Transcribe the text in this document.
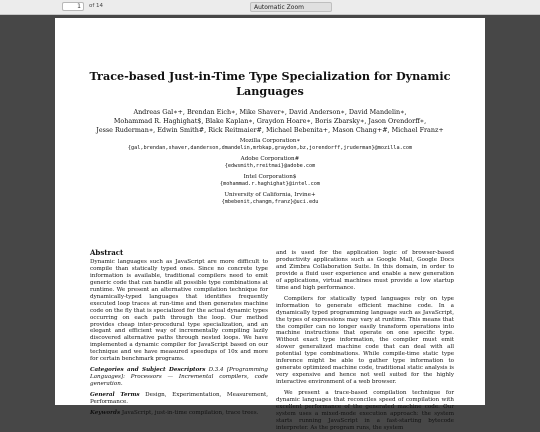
1	of 14	Automatic Zoom
Trace-based Just-in-Time Type Specialization for Dynamic Languages
Andreas Gal∗+, Brendan Eich∗, Mike Shaver∗, David Anderson∗, David Mandelin∗,
Mohammad R. Haghighat$, Blake Kaplan∗, Graydon Hoare∗, Boris Zbarsky∗, Jason Orendorff∗,
Jesse Ruderman∗, Edwin Smith#, Rick Reitmaier#, Michael Bebenita+, Mason Chang+#, Michael Franz+
Mozilla Corporation∗
{gal,brendan,shaver,danderson,dmandelin,mrbkap,graydon,bz,jorendorff,jruderman}@mozilla.com
Adobe Corporation#
{edwsmith,rreitmai}@adobe.com
Intel Corporation$
{mohammad.r.haghighat}@intel.com
University of California, Irvine+
{mbebenit,changm,franz}@uci.edu
Abstract

Dynamic languages such as JavaScript are more difficult to compile than statically typed ones. Since no concrete type information is available, traditional compilers need to emit generic code that can handle all possible type combinations at runtime. We present an alternative compilation technique for dynamically-typed languages that identifies frequently executed loop traces at run-time and then generates machine code on the fly that is specialized for the actual dynamic types occurring on each path through the loop. Our method provides cheap inter-procedural type specialization, and an elegant and efficient way of incrementally compiling lazily discovered alternative paths through nested loops. We have implemented a dynamic compiler for JavaScript based on our technique and we have measured speedups of 10x and more for certain benchmark programs.

Categories and Subject Descriptors D.3.4 [Programming Languages]: Processors — Incremental compilers, code generation.

General Terms Design, Experimentation, Measurement, Performance.

Keywords JavaScript, just-in-time compilation, trace trees.

and is used for the application logic of browser-based productivity applications such as Google Mail, Google Docs and Zimbra Collaboration Suite. In this domain, in order to provide a fluid user experience and enable a new generation of applications, virtual machines must provide a low startup time and high performance.

Compilers for statically typed languages rely on type information to generate efficient machine code. In a dynamically typed programming language such as JavaScript, the types of expressions may vary at runtime. This means that the compiler can no longer easily transform operations into machine instructions that operate on one specific type. Without exact type information, the compiler must emit slower generalized machine code that can deal with all potential type combinations. While compile-time static type inference might be able to gather type information to generate optimized machine code, traditional static analysis is very expensive and hence not well suited for the highly interactive environment of a web browser.

We present a trace-based compilation technique for dynamic languages that reconciles speed of compilation with excellent performance of the generated machine code. Our system uses a mixed-mode execution approach: the system starts running JavaScript in a fast-starting bytecode interpreter. As the program runs, the system
